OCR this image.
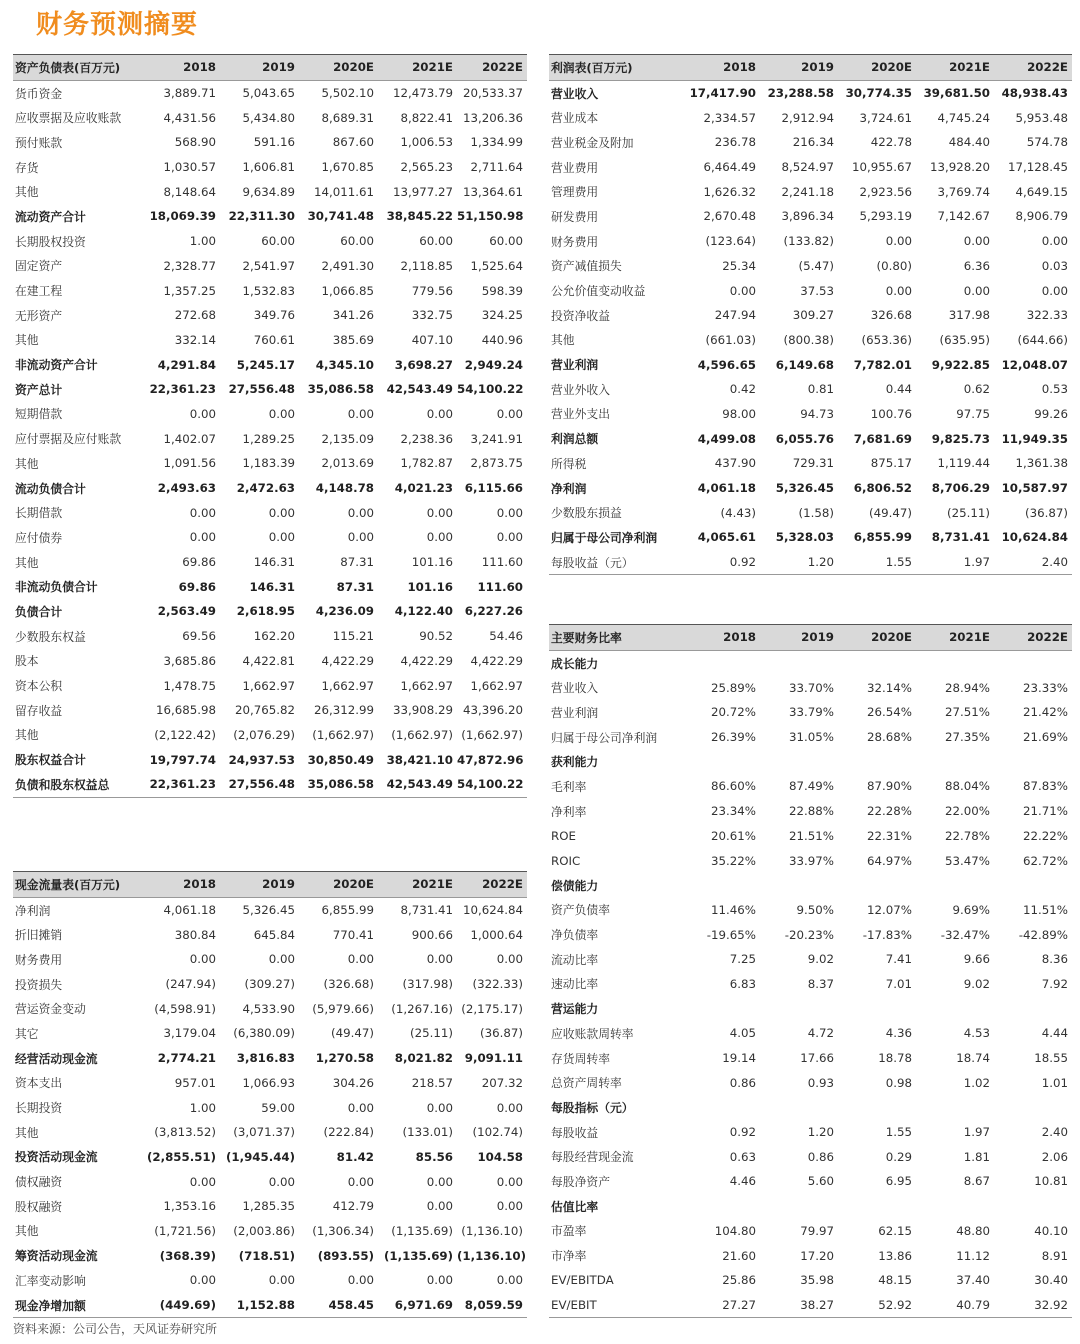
财务预测摘要
资产负债表(百万元)	2018	2019	2020E	2021E	2022E
货币资金	3,889.71	5,043.65	5,502.10	12,473.79	20,533.37
应收票据及应收账款	4,431.56	5,434.80	8,689.31	8,822.41	13,206.36
预付账款	568.90	591.16	867.60	1,006.53	1,334.99
存货	1,030.57	1,606.81	1,670.85	2,565.23	2,711.64
其他	8,148.64	9,634.89	14,011.61	13,977.27	13,364.61
流动资产合计	18,069.39	22,311.30	30,741.48	38,845.22	51,150.98
长期股权投资	1.00	60.00	60.00	60.00	60.00
固定资产	2,328.77	2,541.97	2,491.30	2,118.85	1,525.64
在建工程	1,357.25	1,532.83	1,066.85	779.56	598.39
无形资产	272.68	349.76	341.26	332.75	324.25
其他	332.14	760.61	385.69	407.10	440.96
非流动资产合计	4,291.84	5,245.17	4,345.10	3,698.27	2,949.24
资产总计	22,361.23	27,556.48	35,086.58	42,543.49	54,100.22
短期借款	0.00	0.00	0.00	0.00	0.00
应付票据及应付账款	1,402.07	1,289.25	2,135.09	2,238.36	3,241.91
其他	1,091.56	1,183.39	2,013.69	1,782.87	2,873.75
流动负债合计	2,493.63	2,472.63	4,148.78	4,021.23	6,115.66
长期借款	0.00	0.00	0.00	0.00	0.00
应付债券	0.00	0.00	0.00	0.00	0.00
其他	69.86	146.31	87.31	101.16	111.60
非流动负债合计	69.86	146.31	87.31	101.16	111.60
负债合计	2,563.49	2,618.95	4,236.09	4,122.40	6,227.26
少数股东权益	69.56	162.20	115.21	90.52	54.46
股本	3,685.86	4,422.81	4,422.29	4,422.29	4,422.29
资本公积	1,478.75	1,662.97	1,662.97	1,662.97	1,662.97
留存收益	16,685.98	20,765.82	26,312.99	33,908.29	43,396.20
其他	(2,122.42)	(2,076.29)	(1,662.97)	(1,662.97)	(1,662.97)
股东权益合计	19,797.74	24,937.53	30,850.49	38,421.10	47,872.96
负债和股东权益总	22,361.23	27,556.48	35,086.58	42,543.49	54,100.22
利润表(百万元)	2018	2019	2020E	2021E	2022E
营业收入	17,417.90	23,288.58	30,774.35	39,681.50	48,938.43
营业成本	2,334.57	2,912.94	3,724.61	4,745.24	5,953.48
营业税金及附加	236.78	216.34	422.78	484.40	574.78
营业费用	6,464.49	8,524.97	10,955.67	13,928.20	17,128.45
管理费用	1,626.32	2,241.18	2,923.56	3,769.74	4,649.15
研发费用	2,670.48	3,896.34	5,293.19	7,142.67	8,906.79
财务费用	(123.64)	(133.82)	0.00	0.00	0.00
资产减值损失	25.34	(5.47)	(0.80)	6.36	0.03
公允价值变动收益	0.00	37.53	0.00	0.00	0.00
投资净收益	247.94	309.27	326.68	317.98	322.33
其他	(661.03)	(800.38)	(653.36)	(635.95)	(644.66)
营业利润	4,596.65	6,149.68	7,782.01	9,922.85	12,048.07
营业外收入	0.42	0.81	0.44	0.62	0.53
营业外支出	98.00	94.73	100.76	97.75	99.26
利润总额	4,499.08	6,055.76	7,681.69	9,825.73	11,949.35
所得税	437.90	729.31	875.17	1,119.44	1,361.38
净利润	4,061.18	5,326.45	6,806.52	8,706.29	10,587.97
少数股东损益	(4.43)	(1.58)	(49.47)	(25.11)	(36.87)
归属于母公司净利润	4,065.61	5,328.03	6,855.99	8,731.41	10,624.84
每股收益（元）	0.92	1.20	1.55	1.97	2.40
主要财务比率	2018	2019	2020E	2021E	2022E
成长能力					
营业收入	25.89%	33.70%	32.14%	28.94%	23.33%
营业利润	20.72%	33.79%	26.54%	27.51%	21.42%
归属于母公司净利润	26.39%	31.05%	28.68%	27.35%	21.69%
获利能力					
毛利率	86.60%	87.49%	87.90%	88.04%	87.83%
净利率	23.34%	22.88%	22.28%	22.00%	21.71%
ROE	20.61%	21.51%	22.31%	22.78%	22.22%
ROIC	35.22%	33.97%	64.97%	53.47%	62.72%
偿债能力					
资产负债率	11.46%	9.50%	12.07%	9.69%	11.51%
净负债率	-19.65%	-20.23%	-17.83%	-32.47%	-42.89%
流动比率	7.25	9.02	7.41	9.66	8.36
速动比率	6.83	8.37	7.01	9.02	7.92
营运能力					
应收账款周转率	4.05	4.72	4.36	4.53	4.44
存货周转率	19.14	17.66	18.78	18.74	18.55
总资产周转率	0.86	0.93	0.98	1.02	1.01
每股指标（元）					
每股收益	0.92	1.20	1.55	1.97	2.40
每股经营现金流	0.63	0.86	0.29	1.81	2.06
每股净资产	4.46	5.60	6.95	8.67	10.81
估值比率					
市盈率	104.80	79.97	62.15	48.80	40.10
市净率	21.60	17.20	13.86	11.12	8.91
EV/EBITDA	25.86	35.98	48.15	37.40	30.40
EV/EBIT	27.27	38.27	52.92	40.79	32.92
现金流量表(百万元)	2018	2019	2020E	2021E	2022E
净利润	4,061.18	5,326.45	6,855.99	8,731.41	10,624.84
折旧摊销	380.84	645.84	770.41	900.66	1,000.64
财务费用	0.00	0.00	0.00	0.00	0.00
投资损失	(247.94)	(309.27)	(326.68)	(317.98)	(322.33)
营运资金变动	(4,598.91)	4,533.90	(5,979.66)	(1,267.16)	(2,175.17)
其它	3,179.04	(6,380.09)	(49.47)	(25.11)	(36.87)
经营活动现金流	2,774.21	3,816.83	1,270.58	8,021.82	9,091.11
资本支出	957.01	1,066.93	304.26	218.57	207.32
长期投资	1.00	59.00	0.00	0.00	0.00
其他	(3,813.52)	(3,071.37)	(222.84)	(133.01)	(102.74)
投资活动现金流	(2,855.51)	(1,945.44)	81.42	85.56	104.58
债权融资	0.00	0.00	0.00	0.00	0.00
股权融资	1,353.16	1,285.35	412.79	0.00	0.00
其他	(1,721.56)	(2,003.86)	(1,306.34)	(1,135.69)	(1,136.10)
筹资活动现金流	(368.39)	(718.51)	(893.55)	(1,135.69)	(1,136.10)
汇率变动影响	0.00	0.00	0.00	0.00	0.00
现金净增加额	(449.69)	1,152.88	458.45	6,971.69	8,059.59
资料来源：公司公告，天风证券研究所
